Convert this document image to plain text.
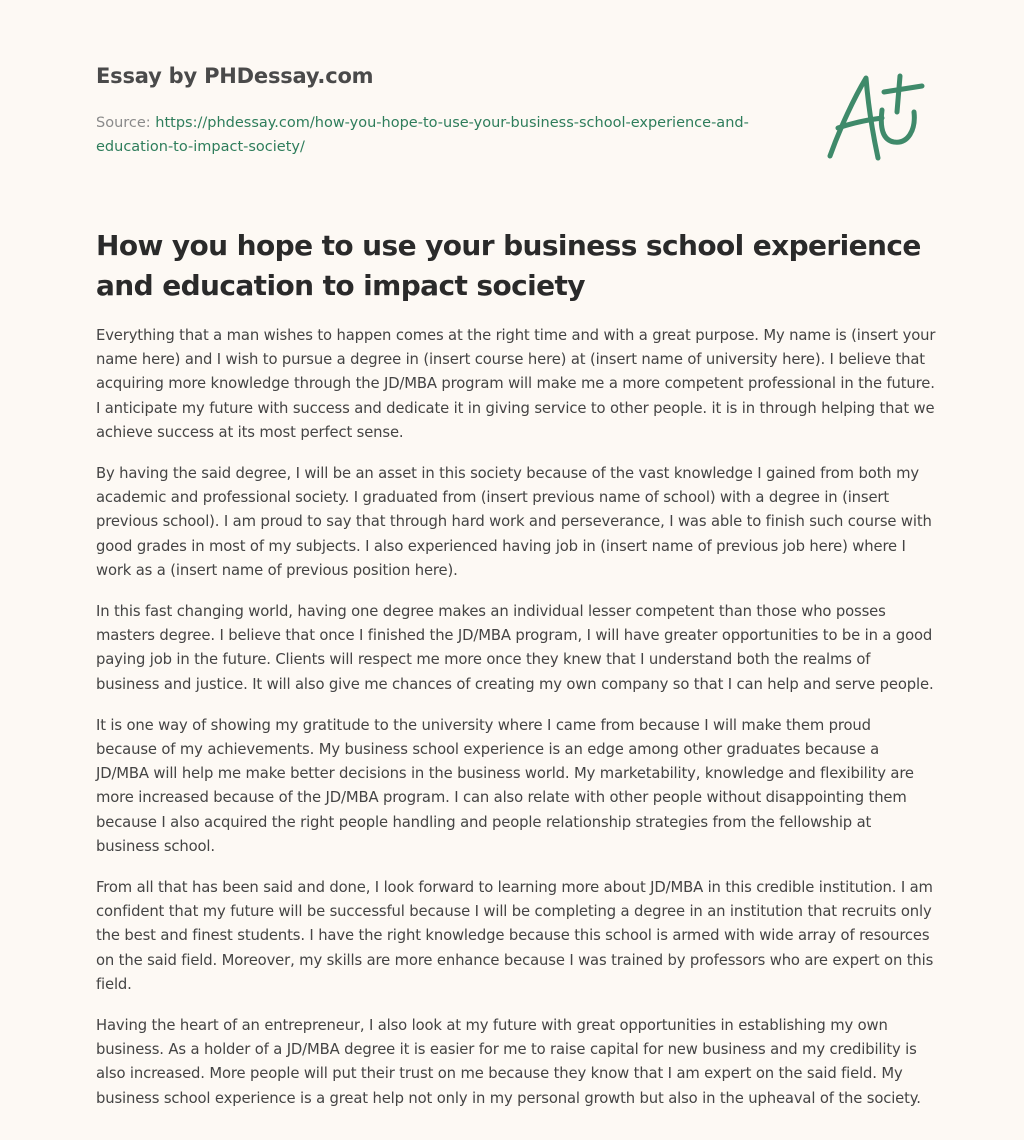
Essay by PHDessay.com
Source: https://phdessay.com/how-you-hope-to-use-your-business-school-experience-and-education-to-impact-society/
How you hope to use your business school experience and education to impact society

Everything that a man wishes to happen comes at the right time and with a great purpose. My name is (insert your name here) and I wish to pursue a degree in (insert course here) at (insert name of university here). I believe that acquiring more knowledge through the JD/MBA program will make me a more competent professional in the future. I anticipate my future with success and dedicate it in giving service to other people. it is in through helping that we achieve success at its most perfect sense.

By having the said degree, I will be an asset in this society because of the vast knowledge I gained from both my academic and professional society. I graduated from (insert previous name of school) with a degree in (insert previous school). I am proud to say that through hard work and perseverance, I was able to finish such course with good grades in most of my subjects. I also experienced having job in (insert name of previous job here) where I work as a (insert name of previous position here).

In this fast changing world, having one degree makes an individual lesser competent than those who posses masters degree. I believe that once I finished the JD/MBA program, I will have greater opportunities to be in a good paying job in the future. Clients will respect me more once they knew that I understand both the realms of business and justice. It will also give me chances of creating my own company so that I can help and serve people.

It is one way of showing my gratitude to the university where I came from because I will make them proud because of my achievements. My business school experience is an edge among other graduates because a JD/MBA will help me make better decisions in the business world. My marketability, knowledge and flexibility are more increased because of the JD/MBA program. I can also relate with other people without disappointing them because I also acquired the right people handling and people relationship strategies from the fellowship at business school.

From all that has been said and done, I look forward to learning more about JD/MBA in this credible institution. I am confident that my future will be successful because I will be completing a degree in an institution that recruits only the best and finest students. I have the right knowledge because this school is armed with wide array of resources on the said field. Moreover, my skills are more enhance because I was trained by professors who are expert on this field.

Having the heart of an entrepreneur, I also look at my future with great opportunities in establishing my own business. As a holder of a JD/MBA degree it is easier for me to raise capital for new business and my credibility is also increased. More people will put their trust on me because they know that I am expert on the said field. My business school experience is a great help not only in my personal growth but also in the upheaval of the society.
